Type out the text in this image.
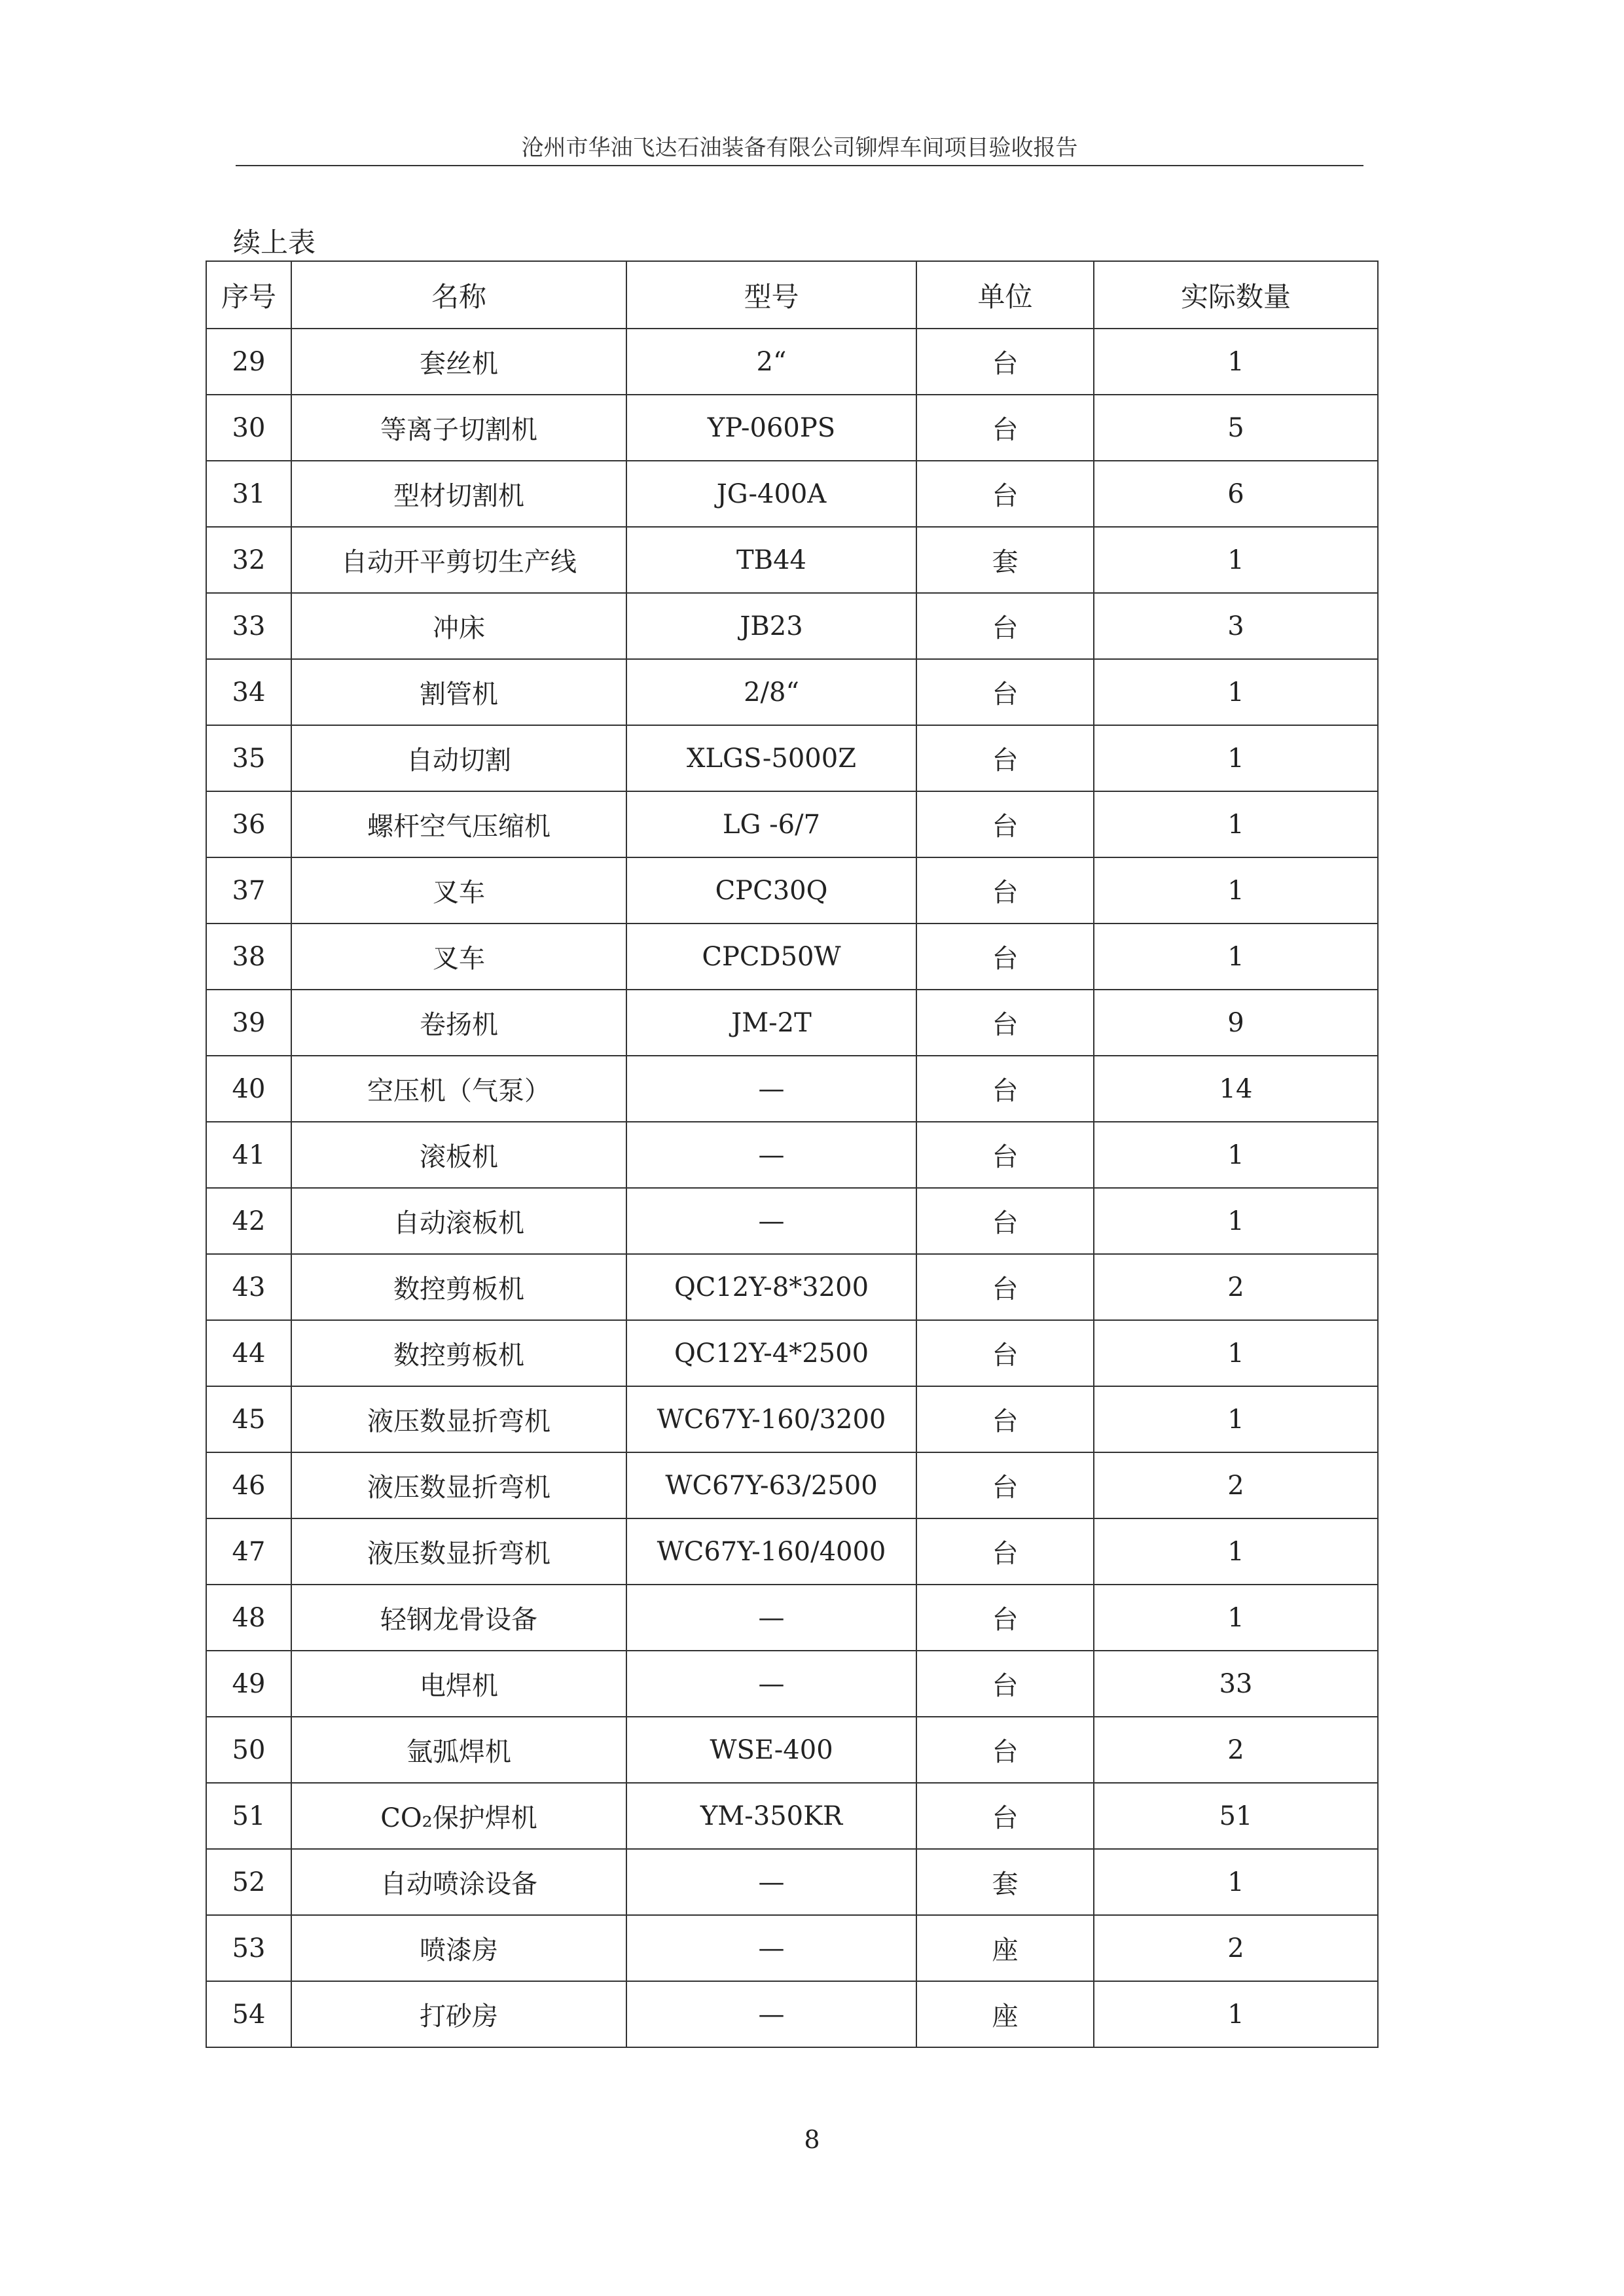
沧州市华油飞达石油装备有限公司铆焊车间项目验收报告
续上表
序号	名称	型号	单位	实际数量
29	套丝机	2“	台	1
30	等离子切割机	YP-060PS	台	5
31	型材切割机	JG-400A	台	6
32	自动开平剪切生产线	TB44	套	1
33	冲床	JB23	台	3
34	割管机	2/8“	台	1
35	自动切割	XLGS-5000Z	台	1
36	螺杆空气压缩机	LG -6/7	台	1
37	叉车	CPC30Q	台	1
38	叉车	CPCD50W	台	1
39	卷扬机	JM-2T	台	9
40	空压机（气泵）	—	台	14
41	滚板机	—	台	1
42	自动滚板机	—	台	1
43	数控剪板机	QC12Y-8*3200	台	2
44	数控剪板机	QC12Y-4*2500	台	1
45	液压数显折弯机	WC67Y-160/3200	台	1
46	液压数显折弯机	WC67Y-63/2500	台	2
47	液压数显折弯机	WC67Y-160/4000	台	1
48	轻钢龙骨设备	—	台	1
49	电焊机	—	台	33
50	氩弧焊机	WSE-400	台	2
51	CO₂保护焊机	YM-350KR	台	51
52	自动喷涂设备	—	套	1
53	喷漆房	—	座	2
54	打砂房	—	座	1
8
